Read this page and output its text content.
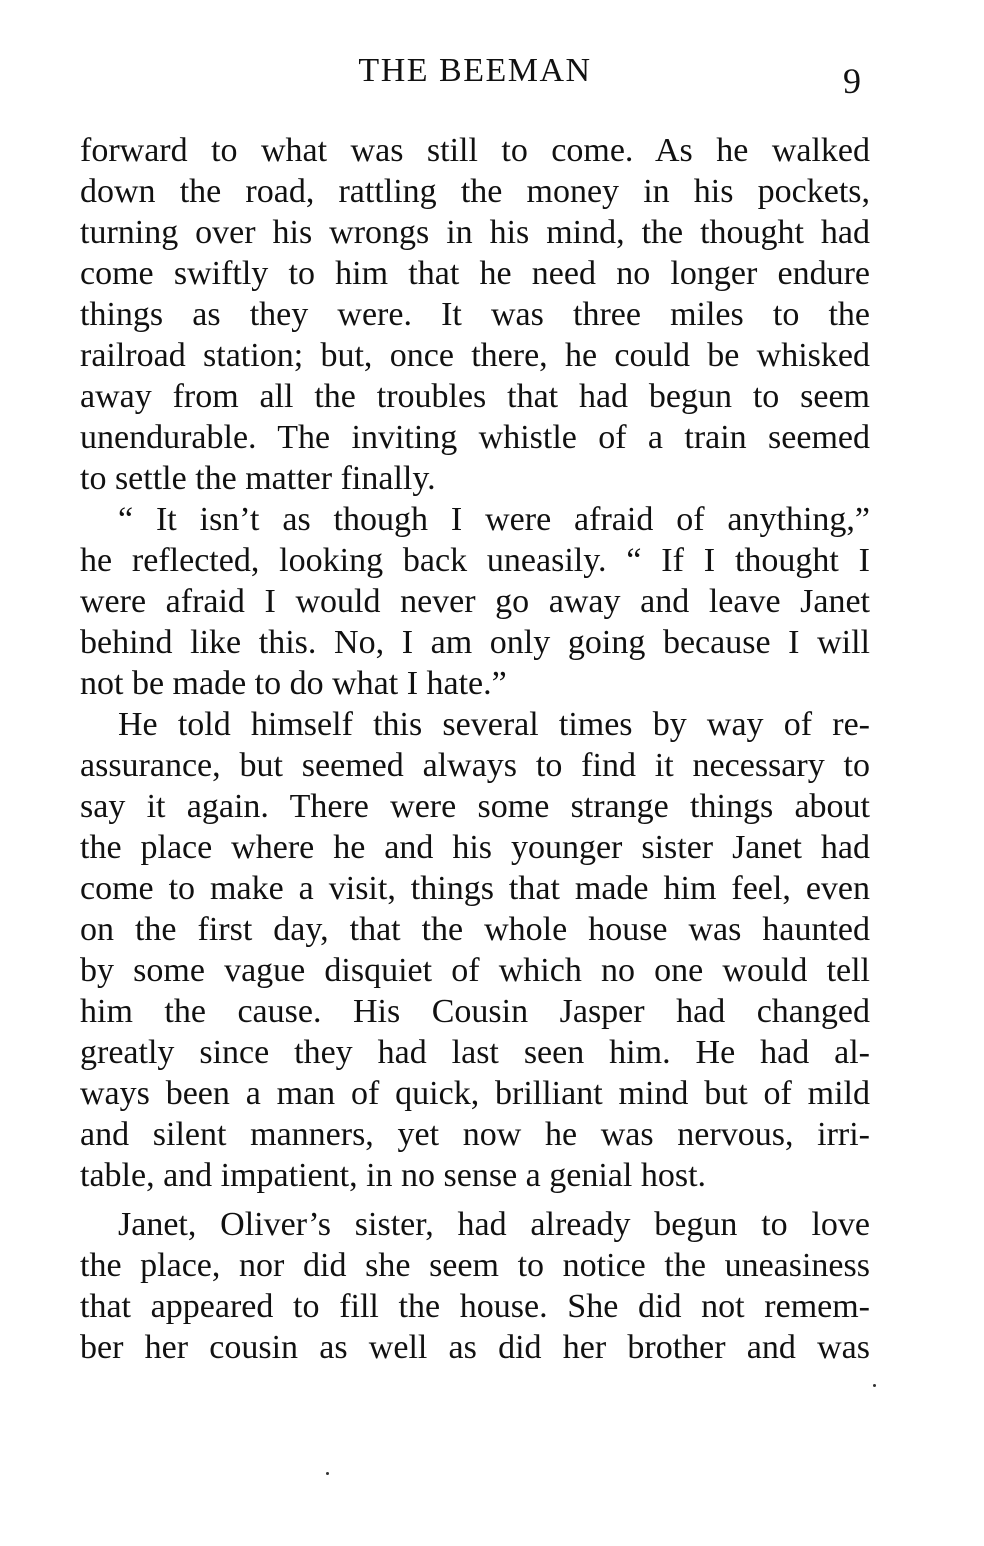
THE BEEMAN	9
forward to what was still to come. As he walked
down the road, rattling the money in his pockets,
turning over his wrongs in his mind, the thought had
come swiftly to him that he need no longer endure
things as they were. It was three miles to the
railroad station; but, once there, he could be whisked
away from all the troubles that had begun to seem
unendurable. The inviting whistle of a train seemed
to settle the matter finally.
“ It isn’t as though I were afraid of anything,”
he reflected, looking back uneasily. “ If I thought I
were afraid I would never go away and leave Janet
behind like this. No, I am only going because I will
not be made to do what I hate.”
He told himself this several times by way of re-
assurance, but seemed always to find it necessary to
say it again. There were some strange things about
the place where he and his younger sister Janet had
come to make a visit, things that made him feel, even
on the first day, that the whole house was haunted
by some vague disquiet of which no one would tell
him the cause. His Cousin Jasper had changed
greatly since they had last seen him. He had al-
ways been a man of quick, brilliant mind but of mild
and silent manners, yet now he was nervous, irri-
table, and impatient, in no sense a genial host.
Janet, Oliver’s sister, had already begun to love
the place, nor did she seem to notice the uneasiness
that appeared to fill the house. She did not remem-
ber her cousin as well as did her brother and was
